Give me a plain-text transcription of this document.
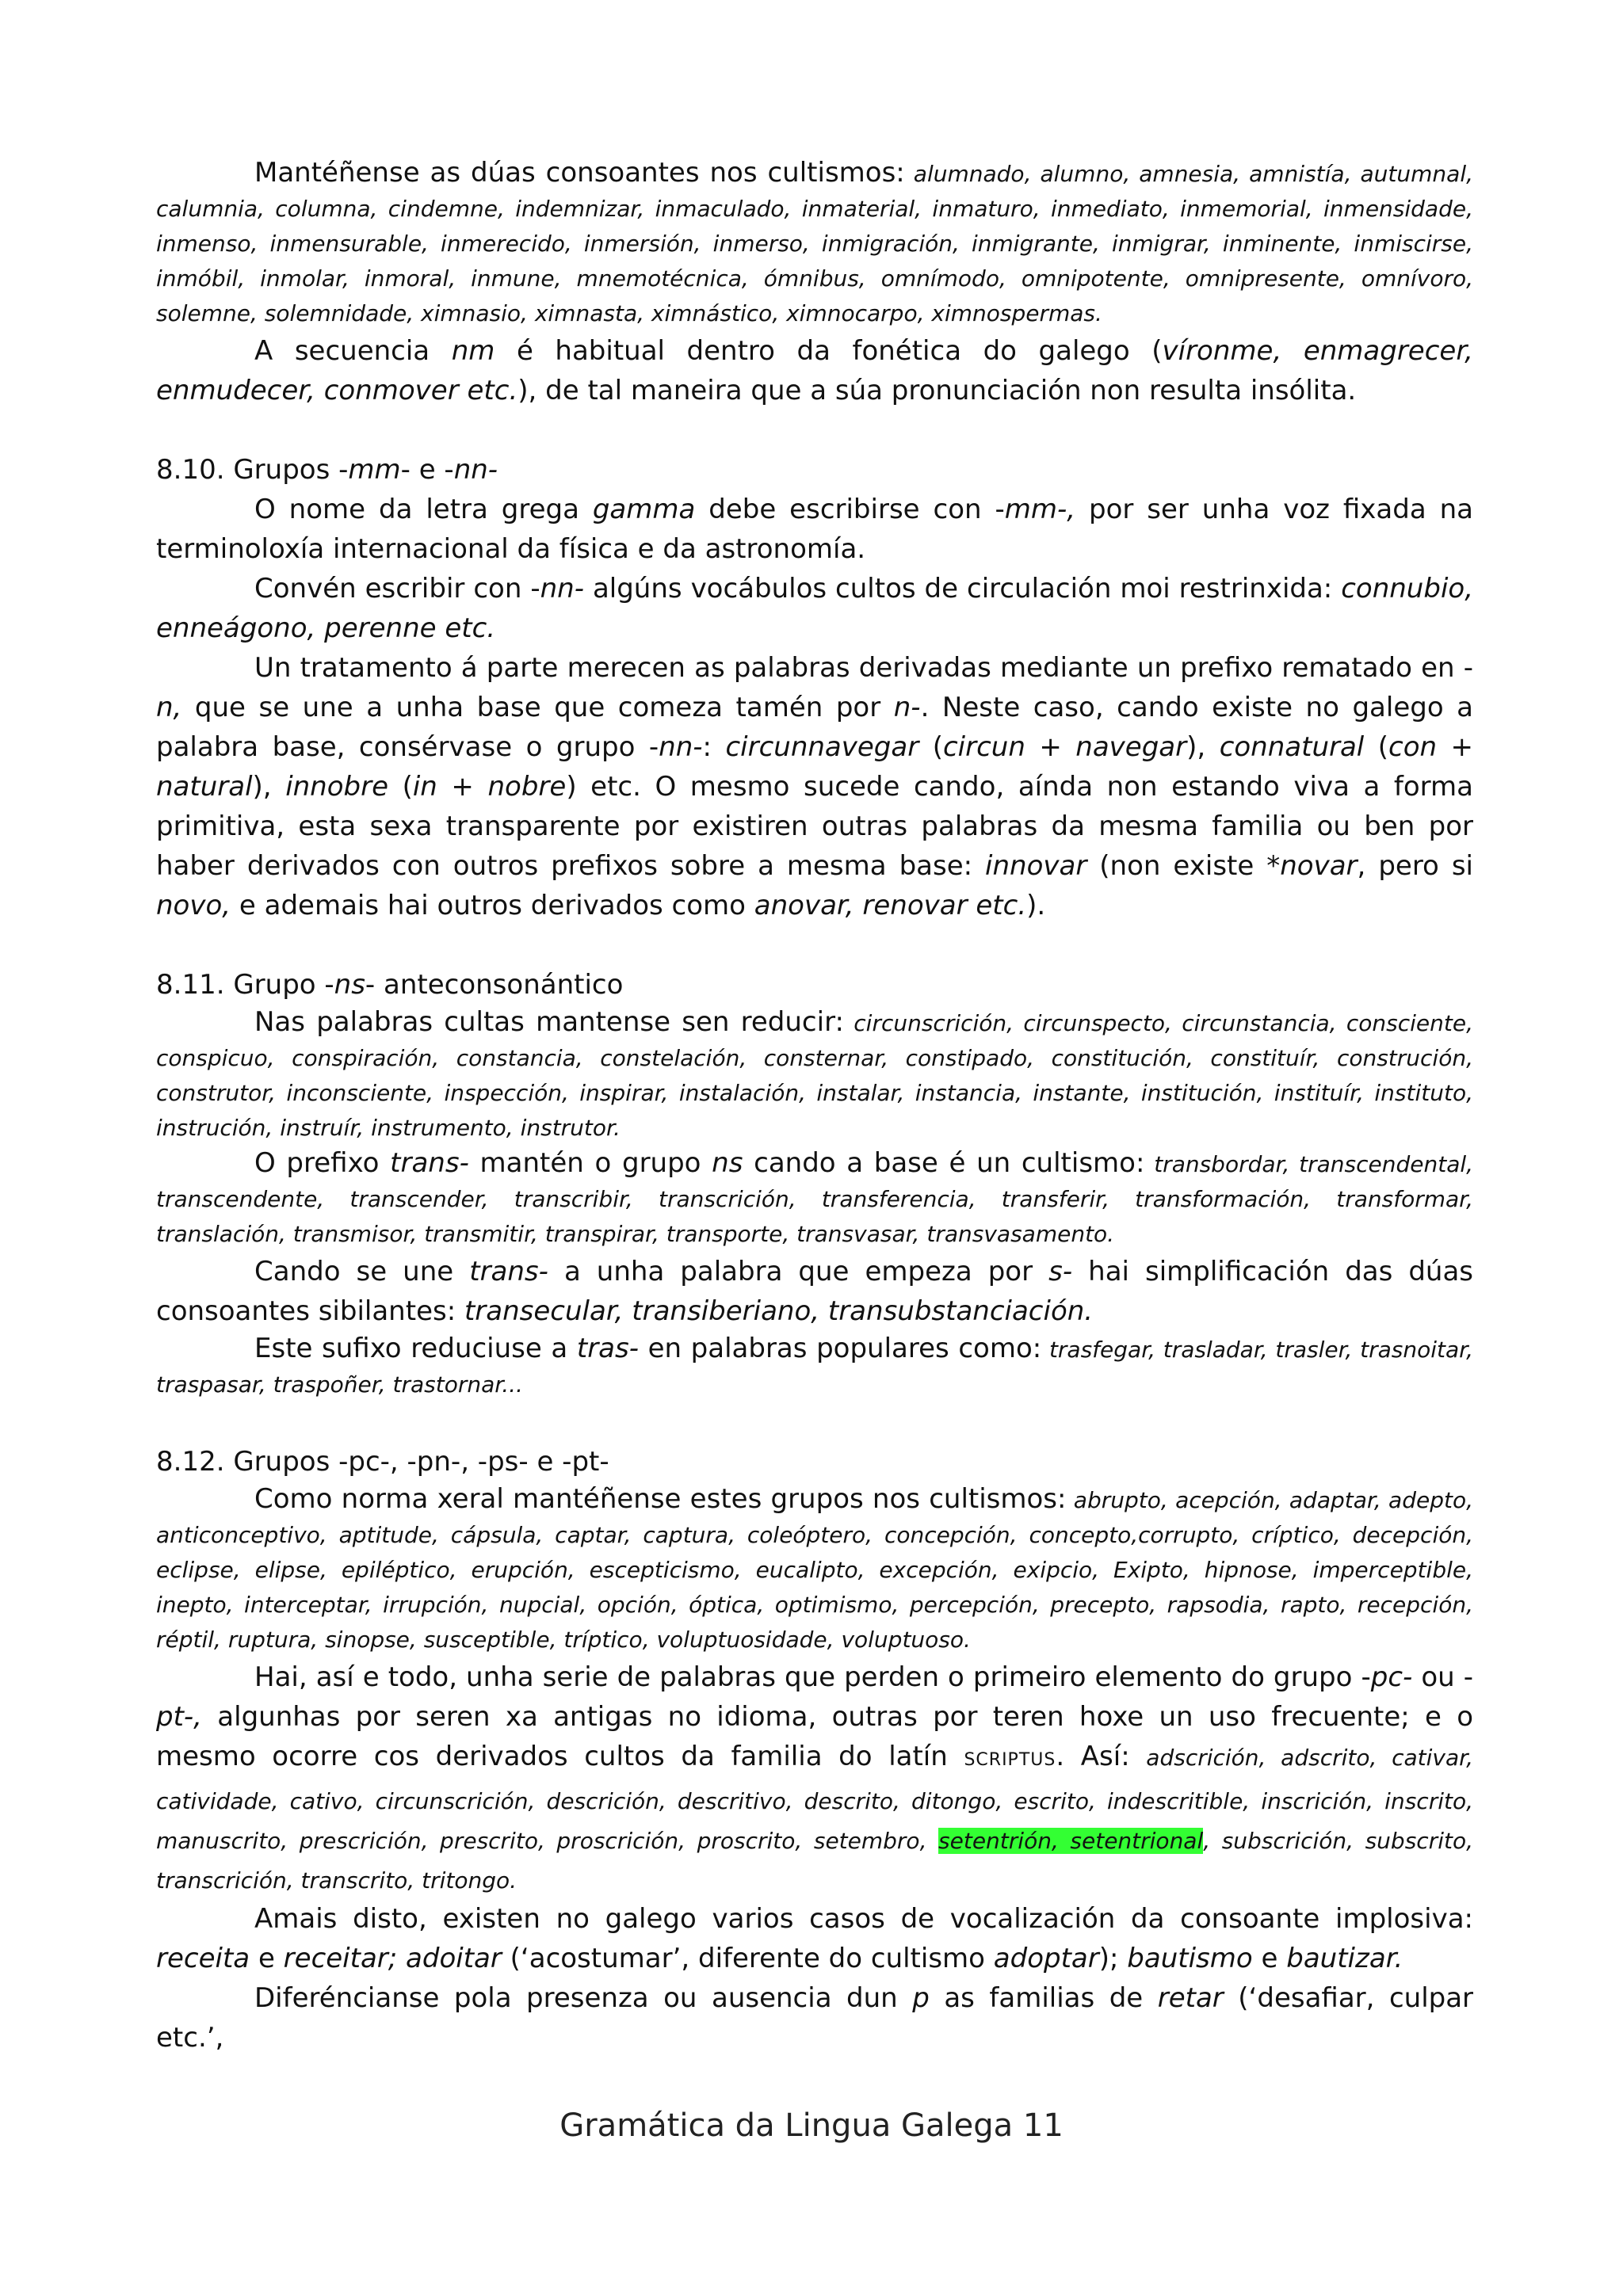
Mantéñense as dúas consoantes nos cultismos: alumnado, alumno, amnesia, amnistía, autumnal, calumnia, columna, cindemne, indemnizar, inmaculado, inmaterial, inmaturo, inmediato, inmemorial, inmensidade, inmenso, inmensurable, inmerecido, inmersión, inmerso, inmigración, inmigrante, inmigrar, inminente, inmiscirse, inmóbil, inmolar, inmoral, inmune, mnemotécnica, ómnibus, omnímodo, omnipotente, omnipresente, omnívoro, solemne, solemnidade, ximnasio, ximnasta, ximnástico, ximnocarpo, ximnospermas.

A secuencia nm é habitual dentro da fonética do galego (víronme, enmagrecer, enmudecer, conmover etc.), de tal maneira que a súa pronunciación non resulta insólita.

8.10. Grupos -mm- e -nn-

O nome da letra grega gamma debe escribirse con -mm-, por ser unha voz fixada na terminoloxía internacional da física e da astronomía.

Convén escribir con -nn- algúns vocábulos cultos de circulación moi restrinxida: connubio, enneágono, perenne etc.

Un tratamento á parte merecen as palabras derivadas mediante un prefixo rematado en -n, que se une a unha base que comeza tamén por n-. Neste caso, cando existe no galego a palabra base, consérvase o grupo -nn-: circunnavegar (circun + navegar), connatural (con + natural), innobre (in + nobre) etc. O mesmo sucede cando, aínda non estando viva a forma primitiva, esta sexa transparente por existiren outras palabras da mesma familia ou ben por haber derivados con outros prefixos sobre a mesma base: innovar (non existe *novar, pero si novo, e ademais hai outros derivados como anovar, renovar etc.).

8.11. Grupo -ns- anteconsonántico

Nas palabras cultas mantense sen reducir: circunscrición, circunspecto, circunstancia, consciente, conspicuo, conspiración, constancia, constelación, consternar, constipado, constitución, constituír, construción, construtor, inconsciente, inspección, inspirar, instalación, instalar, instancia, instante, institución, instituír, instituto, instrución, instruír, instrumento, instrutor.

O prefixo trans- mantén o grupo ns cando a base é un cultismo: transbordar, transcendental, transcendente, transcender, transcribir, transcrición, transferencia, transferir, transformación, transformar, translación, transmisor, transmitir, transpirar, transporte, transvasar, transvasamento.

Cando se une trans- a unha palabra que empeza por s- hai simplificación das dúas consoantes sibilantes: transecular, transiberiano, transubstanciación.

Este sufixo reduciuse a tras- en palabras populares como: trasfegar, trasladar, trasler, trasnoitar, traspasar, traspoñer, trastornar...

8.12. Grupos -pc-, -pn-, -ps- e -pt-

Como norma xeral mantéñense estes grupos nos cultismos: abrupto, acepción, adaptar, adepto, anticonceptivo, aptitude, cápsula, captar, captura, coleóptero, concepción, concepto,corrupto, críptico, decepción, eclipse, elipse, epiléptico, erupción, escepticismo, eucalipto, excepción, exipcio, Exipto, hipnose, imperceptible, inepto, interceptar, irrupción, nupcial, opción, óptica, optimismo, percepción, precepto, rapsodia, rapto, recepción, réptil, ruptura, sinopse, susceptible, tríptico, voluptuosidade, voluptuoso.

Hai, así e todo, unha serie de palabras que perden o primeiro elemento do grupo -pc- ou -pt-, algunhas por seren xa antigas no idioma, outras por teren hoxe un uso frecuente; e o mesmo ocorre cos derivados cultos da familia do latín SCRIPTUS. Así: adscrición, adscrito, cativar, catividade, cativo, circunscrición, descrición, descritivo, descrito, ditongo, escrito, indescritible, inscrición, inscrito, manuscrito, prescrición, prescrito, proscrición, proscrito, setembro, setentrión, setentrional, subscrición, subscrito, transcrición, transcrito, tritongo.

Amais disto, existen no galego varios casos de vocalización da consoante implosiva: receita e receitar; adoitar (‘acostumar’, diferente do cultismo adoptar); bautismo e bautizar.

Diferéncianse pola presenza ou ausencia dun p as familias de retar (‘desafiar, culpar etc.’,

Gramática da Lingua Galega 11
